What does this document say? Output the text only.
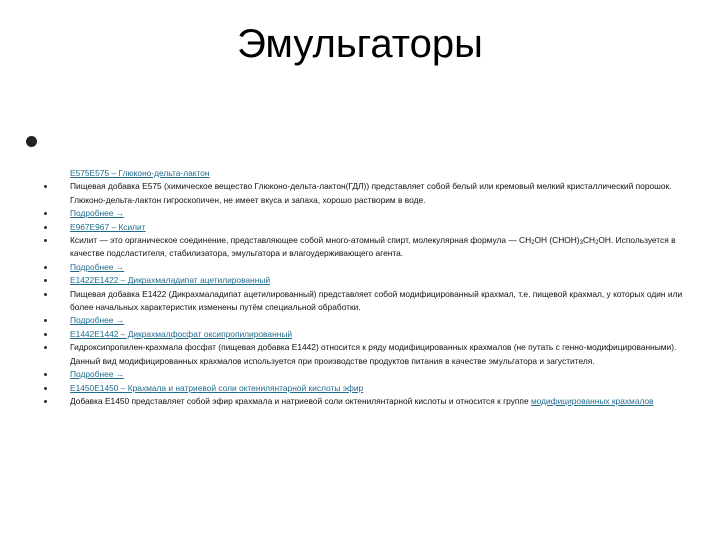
Эмульгаторы
E575E575 – Глюконо-дельта-лактон
Пищевая добавка Е575 (химическое вещество Глюконо-дельта-лактон(ГДЛ)) представляет собой белый или кремовый мелкий кристаллический порошок. Глюконо-дельта-лактон гигроскопичен, не имеет вкуса и запаха, хорошо растворим в воде.
Подробнее →
E967E967 – Ксилит
Ксилит — это органическое соединение, представляющее собой много-атомный спирт, молекулярная формула — $CH_2OH$ $(CHOH)_3CH_2OH$. Используется в качестве подсластителя, стабилизатора, эмульгатора и влагоудерживающего агента.
Подробнее →
E1422E1422 – Дикрахмаладипат ацетилированный
Пищевая добавка Е1422 (Дикрахмаладипат ацетилированный) представляет собой модифицированный крахмал, т.е. пищевой крахмал, у которых один или более начальных характеристик изменены путём специальной обработки.
Подробнее →
E1442E1442 – Дикрахмалфосфат оксипропилированный
Гидроксипропилен-крахмала фосфат (пищевая добавка E1442) относится к ряду модифицированных крахмалов (не путать с генно-модифицированными). Данный вид модифицированных крахмалов используется при производстве продуктов питания в качестве эмульгатора и загустителя.
Подробнее →
E1450E1450 – Крахмала и натриевой соли октенилянтарной кислоты эфир
Добавка E1450 представляет собой эфир крахмала и натриевой соли октенилянтарной кислоты и относится к группе модифицированных крахмалов
